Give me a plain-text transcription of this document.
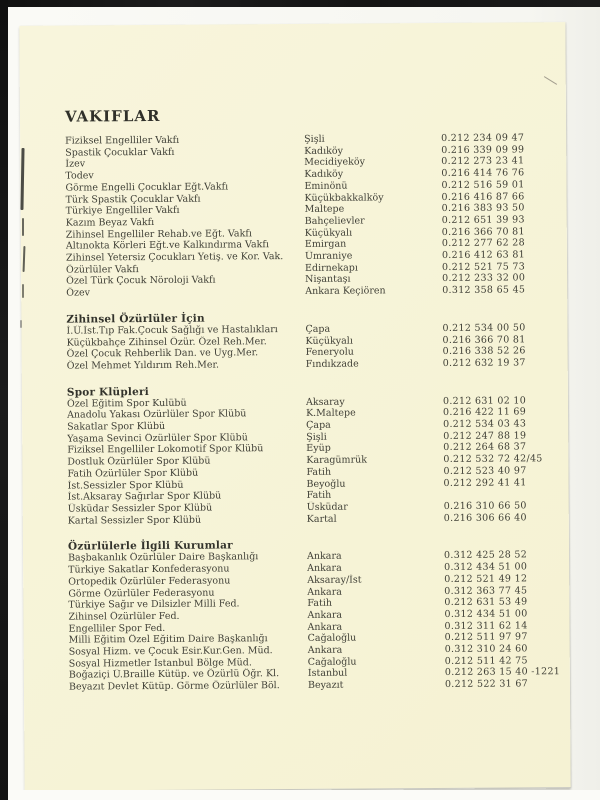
VAKIFLAR
Fiziksel Engelliler Vakfı	Şişli	0.212 234 09 47
Spastik Çocuklar Vakfı	Kadıköy	0.216 339 09 99
İzev	Mecidiyeköy	0.212 273 23 41
Todev	Kadıköy	0.216 414 76 76
Görme Engelli Çocuklar Eğt.Vakfı	Eminönü	0.212 516 59 01
Türk Spastik Çocuklar Vakfı	Küçükbakkalköy	0.216 416 87 66
Türkiye Engelliler Vakfı	Maltepe	0.216 383 93 50
Kazım Beyaz Vakfı	Bahçelievler	0.212 651 39 93
Zihinsel Engelliler Rehab.ve Eğt. Vakfı	Küçükyalı	0.216 366 70 81
Altınokta Körleri Eğt.ve Kalkındırma Vakfı	Emirgan	0.212 277 62 28
Zihinsel Yetersiz Çocukları Yetiş. ve Kor. Vak.	Ümraniye	0.216 412 63 81
Özürlüler Vakfı	Edirnekapı	0.212 521 75 73
Özel Türk Çocuk Nöroloji Vakfı	Nişantaşı	0.212 233 32 00
Özev	Ankara Keçiören	0.312 358 65 45
Zihinsel Özürlüler İçin
İ.Ü.İst.Tıp Fak.Çocuk Sağlığı ve Hastalıkları	Çapa	0.212 534 00 50
Küçükbahçe Zihinsel Özür. Özel Reh.Mer.	Küçükyalı	0.216 366 70 81
Özel Çocuk Rehberlik Dan. ve Uyg.Mer.	Feneryolu	0.216 338 52 26
Özel Mehmet Yıldırım Reh.Mer.	Fındıkzade	0.212 632 19 37
Spor Klüpleri
Özel Eğitim Spor Kulübü	Aksaray	0.212 631 02 10
Anadolu Yakası Özürlüler Spor Klübü	K.Maltepe	0.216 422 11 69
Sakatlar Spor Klübü	Çapa	0.212 534 03 43
Yaşama Sevinci Özürlüler Spor Klübü	Şişli	0.212 247 88 19
Fiziksel Engelliler Lokomotif Spor Klübü	Eyüp	0.212 264 68 37
Dostluk Özürlüler Spor Klübü	Karagümrük	0.212 532 72 42/45
Fatih Özürlüler Spor Klübü	Fatih	0.212 523 40 97
İst.Sessizler Spor Klübü	Beyoğlu	0.212 292 41 41
İst.Aksaray Sağırlar Spor Klübü	Fatih
Üsküdar Sessizler Spor Klübü	Üsküdar	0.216 310 66 50
Kartal Sessizler Spor Klübü	Kartal	0.216 306 66 40
Özürlülerle İlgili Kurumlar
Başbakanlık Özürlüler Daire Başkanlığı	Ankara	0.312 425 28 52
Türkiye Sakatlar Konfederasyonu	Ankara	0.312 434 51 00
Ortopedik Özürlüler Federasyonu	Aksaray/İst	0.212 521 49 12
Görme Özürlüler Federasyonu	Ankara	0.312 363 77 45
Türkiye Sağır ve Dilsizler Milli Fed.	Fatih	0.212 631 53 49
Zihinsel Özürlüler Fed.	Ankara	0.312 434 51 00
Engelliler Spor Fed.	Ankara	0.312 311 62 14
Milli Eğitim Özel Eğitim Daire Başkanlığı	Cağaloğlu	0.212 511 97 97
Sosyal Hizm. ve Çocuk Esir.Kur.Gen. Müd.	Ankara	0.312 310 24 60
Sosyal Hizmetler İstanbul Bölge Müd.	Cağaloğlu	0.212 511 42 75
Boğaziçi Ü.Braille Kütüp. ve Özürlü Öğr. Kl.	İstanbul	0.212 263 15 40 -1221
Beyazıt Devlet Kütüp. Görme Özürlüler Böl.	Beyazıt	0.212 522 31 67
